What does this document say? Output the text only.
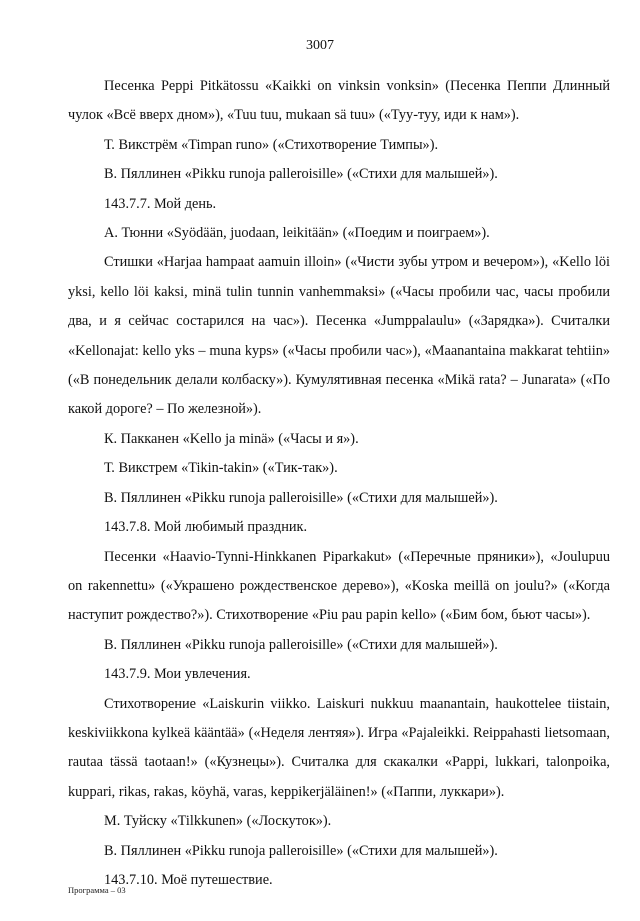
3007

Песенка Peppi Pitkätossu «Kaikki on vinksin vonksin» (Песенка Пеппи Длинный чулок «Всё вверх дном»), «Tuu tuu, mukaan sä tuu» («Туу-туу, иди к нам»).

Т. Викстрём «Timpan runo» («Стихотворение Тимпы»).

В. Пяллинен «Pikku runoja palleroisille» («Стихи для малышей»).

143.7.7. Мой день.

А. Тюнни «Syödään, juodaan, leikitään» («Поедим и поиграем»).

Стишки «Harjaa hampaat aamuin illoin» («Чисти зубы утром и вечером»), «Kello löi yksi, kello löi kaksi, minä tulin tunnin vanhemmaksi» («Часы пробили час, часы пробили два, и я сейчас состарился на час»). Песенка «Jumppalaulu» («Зарядка»). Считалки «Kellonajat: kello yks – muna kyps» («Часы пробили час»), «Maanantaina makkarat tehtiin» («В понедельник делали колбаску»). Кумулятивная песенка «Mikä rata? – Junarata» («По какой дороге? – По железной»).

К. Пакканен «Kello ja minä» («Часы и я»).

Т. Викстрем «Tikin-takin» («Тик-так»).

В. Пяллинен «Pikku runoja palleroisille» («Стихи для малышей»).

143.7.8. Мой любимый праздник.

Песенки «Haavio-Tynni-Hinkkanen Piparkakut» («Перечные пряники»), «Joulupuu on rakennettu» («Украшено рождественское дерево»), «Koska meillä on joulu?» («Когда наступит рождество?»). Стихотворение «Piu pau papin kello» («Бим бом, бьют часы»).

В. Пяллинен «Pikku runoja palleroisille» («Стихи для малышей»).

143.7.9. Мои увлечения.

Стихотворение «Laiskurin viikko. Laiskuri nukkuu maanantain, haukottelee tiistain, keskiviikkona kylkeä kääntää» («Неделя лентяя»). Игра «Pajaleikki. Reippahasti lietsomaan, rautaa tässä taotaan!» («Кузнецы»). Считалка для скакалки «Pappi, lukkari, talonpoika, kuppari, rikas, rakas, köyhä, varas, keppikerjäläinen!» («Паппи, луккари»).

М. Туйску «Tilkkunen» («Лоскуток»).

В. Пяллинен «Pikku runoja palleroisille» («Стихи для малышей»).

143.7.10. Моё путешествие.

Программа – 03
